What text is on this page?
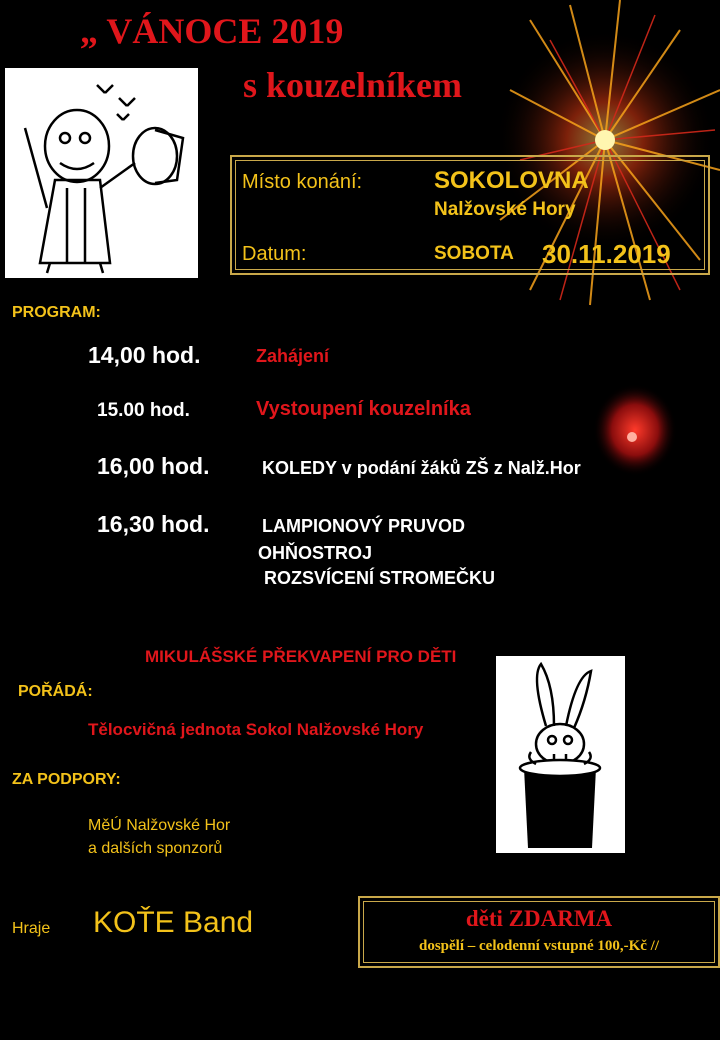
„ VÁNOCE 2019
s kouzelníkem
Místo konání:	SOKOLOVNA
Nalžovské Hory
Datum:	SOBOTA 30.11.2019
PROGRAM:
14,00 hod.	Zahájení
15.00 hod.	Vystoupení kouzelníka
16,00 hod.	KOLEDY v podání žáků ZŠ z Nalž.Hor
16,30 hod.	LAMPIONOVÝ PRUVOD
OHŇOSTROJ
ROZSVÍCENÍ STROMEČKU
MIKULÁŠSKÉ PŘEKVAPENÍ PRO DĚTI
POŘÁDÁ:
Tělocvičná jednota Sokol Nalžovské Hory
ZA PODPORY:
MěÚ Nalžovské Hor
a dalších sponzorů
Hraje KOŤE Band	děti ZDARMA
dospělí – celodenní vstupné 100,-Kč //
